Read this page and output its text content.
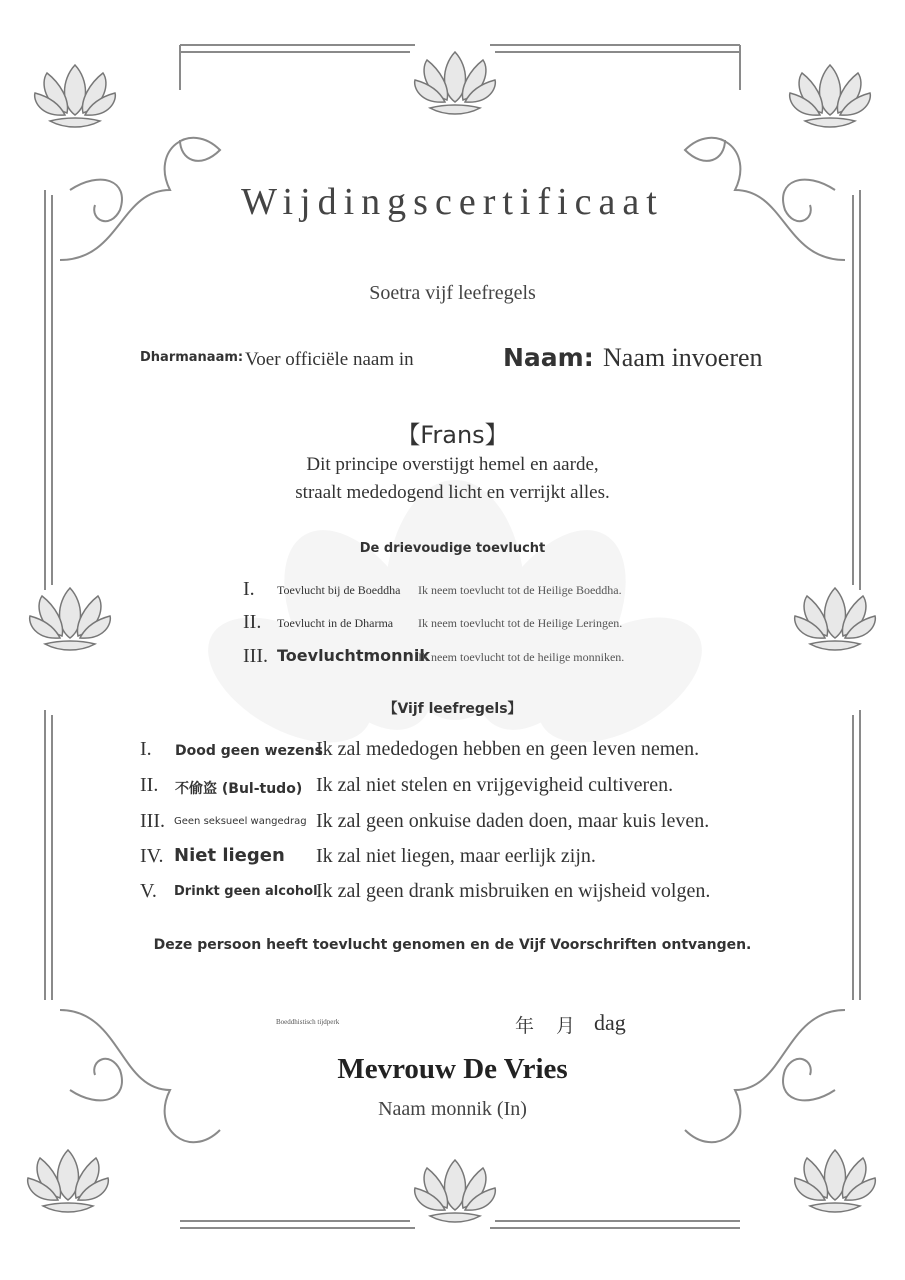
Wijdingscertificaat
Soetra vijf leefregels
Dharmanaam: Voer officiële naam in	Naam: Naam invoeren
【Frans】
Dit principe overstijgt hemel en aarde,
straalt mededogend licht en verrijkt alles.
De drievoudige toevlucht
I. Toevlucht bij de Boeddha Ik neem toevlucht tot de Heilige Boeddha.
II. Toevlucht in de Dharma Ik neem toevlucht tot de Heilige Leringen.
III. Toevluchtmonnik
Ik neem toevlucht tot de heilige monniken.
【Vijf leefregels】
I. Dood geen wezens
Ik zal mededogen hebben en geen leven nemen.
II. 不偷盗 (Bul-tudo) Ik zal niet stelen en vrijgevigheid cultiveren.
III. Geen seksueel wangedrag Ik zal geen onkuise daden doen, maar kuis leven.
IV. Niet liegen Ik zal niet liegen, maar eerlijk zijn.
V. Drinkt geen alcohol
Ik zal geen drank misbruiken en wijsheid volgen.
Deze persoon heeft toevlucht genomen en de Vijf Voorschriften ontvangen.
Boeddhistisch tijdperk	年 月 dag
Mevrouw De Vries
Naam monnik (In)
